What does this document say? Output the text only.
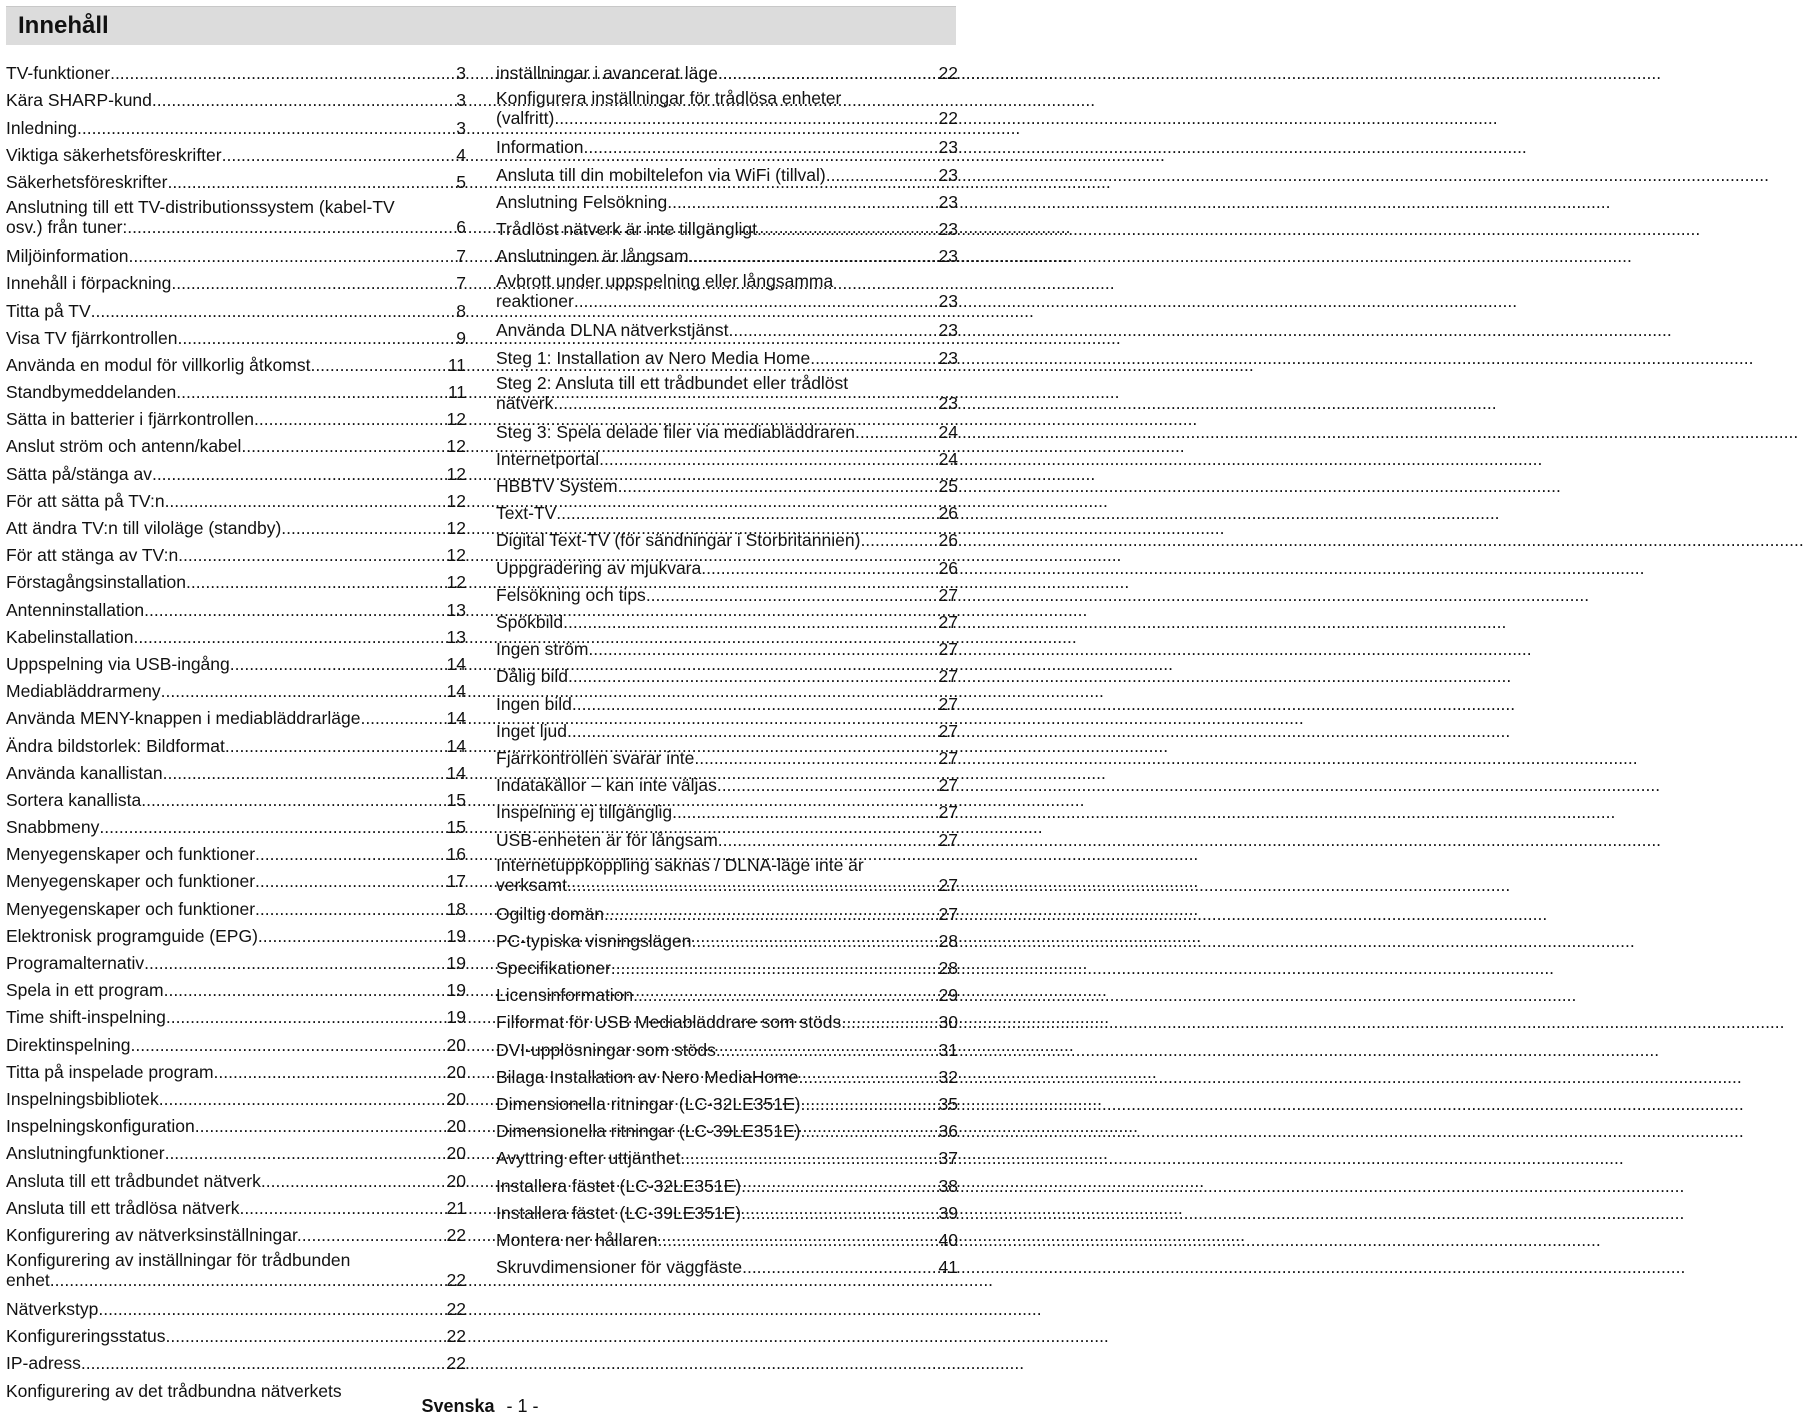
Innehåll
TV-funktioner .....	3
Kära SHARP-kund .....	3
Inledning .....	3
Viktiga säkerhetsföreskrifter .....	4
Säkerhetsföreskrifter .....	5
Anslutning till ett TV-distributionssystem (kabel-TV
osv.) från tuner: .....	6
Miljöinformation .....	7
Innehåll i förpackning .....	7
Titta på TV .....	8
Visa TV fjärrkontrollen .....	9
Använda en modul för villkorlig åtkomst .....	11
Standbymeddelanden .....	11
Sätta in batterier i fjärrkontrollen .....	12
Anslut ström och antenn/kabel .....	12
Sätta på/stänga av .....	12
För att sätta på TV:n .....	12
Att ändra TV:n till viloläge (standby) .....	12
För att stänga av TV:n .....	12
Förstagångsinstallation .....	12
Antenninstallation .....	13
Kabelinstallation .....	13
Uppspelning via USB-ingång .....	14
Mediabläddrarmeny .....	14
Använda MENY-knappen i mediabläddrarläge .....	14
Ändra bildstorlek: Bildformat .....	14
Använda kanallistan .....	14
Sortera kanallista .....	15
Snabbmeny .....	15
Menyegenskaper och funktioner .....	16
Menyegenskaper och funktioner .....	17
Menyegenskaper och funktioner .....	18
Elektronisk programguide (EPG) .....	19
Programalternativ .....	19
Spela in ett program .....	19
Time shift-inspelning .....	19
Direktinspelning .....	20
Titta på inspelade program .....	20
Inspelningsbibliotek .....	20
Inspelningskonfiguration .....	20
Anslutningfunktioner .....	20
Ansluta till ett trådbundet nätverk .....	20
Ansluta till ett trådlösa nätverk .....	21
Konfigurering av nätverksinställningar. .....	22
Konfigurering av inställningar för trådbunden
enhet .....	22
Nätverkstyp .....	22
Konfigureringsstatus .....	22
IP-adress .....	22
Konfigurering av det trådbundna nätverkets
inställningar i avancerat läge .....	22
Konfigurera inställningar för trådlösa enheter
(valfritt) .....	22
Information .....	23
Ansluta till din mobiltelefon via WiFi (tillval) .....	23
Anslutning Felsökning .....	23
Trådlöst nätverk är inte tillgängligt .....	23
Anslutningen är långsam .....	23
Avbrott under uppspelning eller långsamma
reaktioner .....	23
Använda DLNA nätverkstjänst .....	23
Steg 1: Installation av Nero Media Home .....	23
Steg 2: Ansluta till ett trådbundet eller trådlöst
nätverk .....	23
Steg 3: Spela delade filer via mediabläddraren .....	24
Internetportal .....	24
HBBTV System .....	25
Text-TV .....	26
Digital Text-TV (för sändningar i Storbritannien) .....	26
Uppgradering av mjukvara .....	26
Felsökning och tips .....	27
Spökbild .....	27
Ingen ström .....	27
Dålig bild .....	27
Ingen bild .....	27
Inget ljud .....	27
Fjärrkontrollen svarar inte .....	27
Indatakällor – kan inte väljas .....	27
Inspelning ej tillgänglig .....	27
USB-enheten är för långsam .....	27
Internetuppkoppling saknas / DLNA-läge inte är
verksamt .....	27
Ogiltig domän .....	27
PC-typiska visningslägen .....	28
Specifikationer .....	28
Licensinformation .....	29
Filformat för USB Mediabläddrare som stöds .....	30
DVI-upplösningar som stöds .....	31
Bilaga Installation av Nero MediaHome .....	32
Dimensionella ritningar (LC-32LE351E) .....	35
Dimensionella ritningar (LC-39LE351E) .....	36
Avyttring efter uttjänthet .....	37
Installera fästet (LC-32LE351E) .....	38
Installera fästet (LC-39LE351E) .....	39
Montera ner hållaren .....	40
Skruvdimensioner för väggfäste .....	41
Svenska - 1 -
